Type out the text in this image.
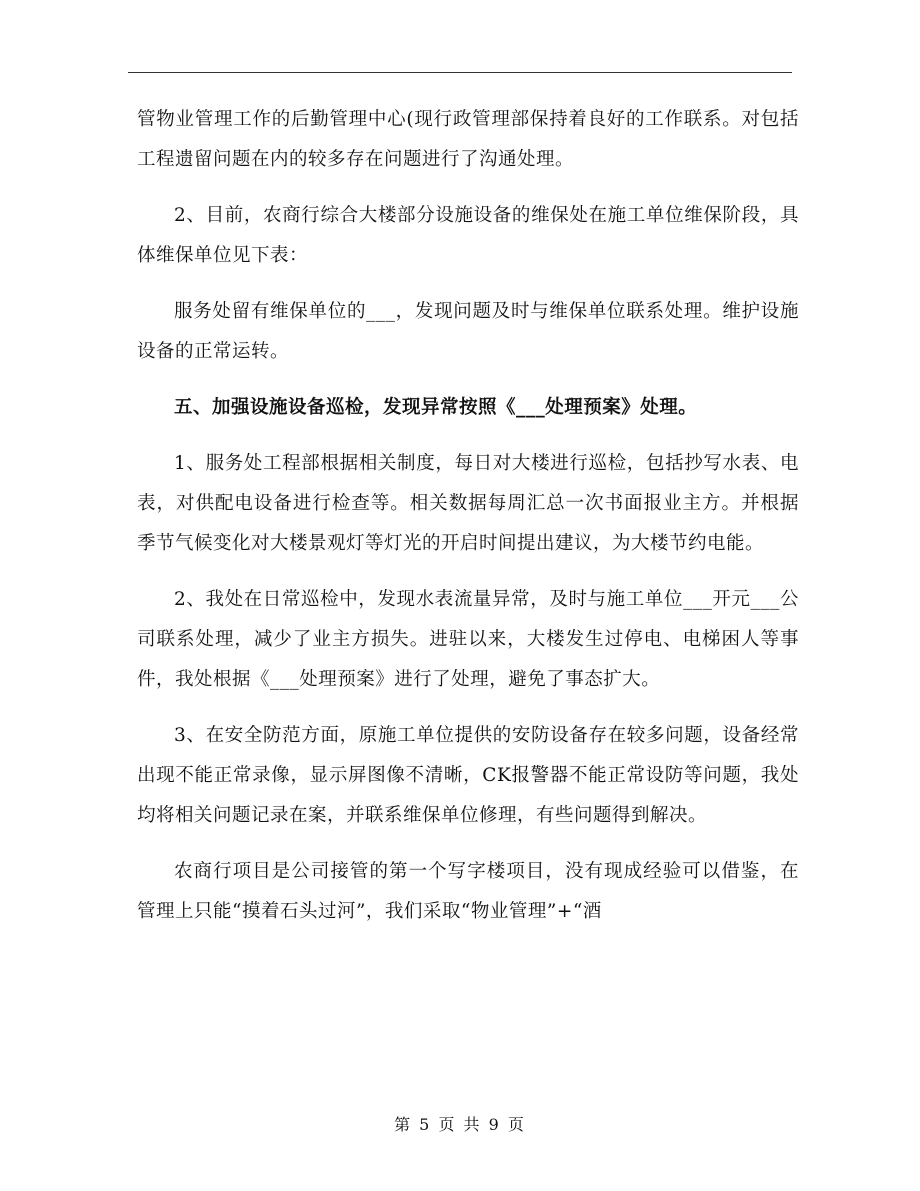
管物业管理工作的后勤管理中心(现行政管理部保持着良好的工作联系。对包括工程遗留问题在内的较多存在问题进行了沟通处理。

2、目前，农商行综合大楼部分设施设备的维保处在施工单位维保阶段，具体维保单位见下表：

服务处留有维保单位的___，发现问题及时与维保单位联系处理。维护设施设备的正常运转。

五、加强设施设备巡检，发现异常按照《___处理预案》处理。

1、服务处工程部根据相关制度，每日对大楼进行巡检，包括抄写水表、电表，对供配电设备进行检查等。相关数据每周汇总一次书面报业主方。并根据季节气候变化对大楼景观灯等灯光的开启时间提出建议，为大楼节约电能。

2、我处在日常巡检中，发现水表流量异常，及时与施工单位___开元___公司联系处理，减少了业主方损失。进驻以来，大楼发生过停电、电梯困人等事件，我处根据《___处理预案》进行了处理，避免了事态扩大。

3、在安全防范方面，原施工单位提供的安防设备存在较多问题，设备经常出现不能正常录像，显示屏图像不清晰，CK报警器不能正常设防等问题，我处均将相关问题记录在案，并联系维保单位修理，有些问题得到解决。

农商行项目是公司接管的第一个写字楼项目，没有现成经验可以借鉴，在管理上只能“摸着石头过河”，我们采取“物业管理”+“酒

第 5 页 共 9 页
